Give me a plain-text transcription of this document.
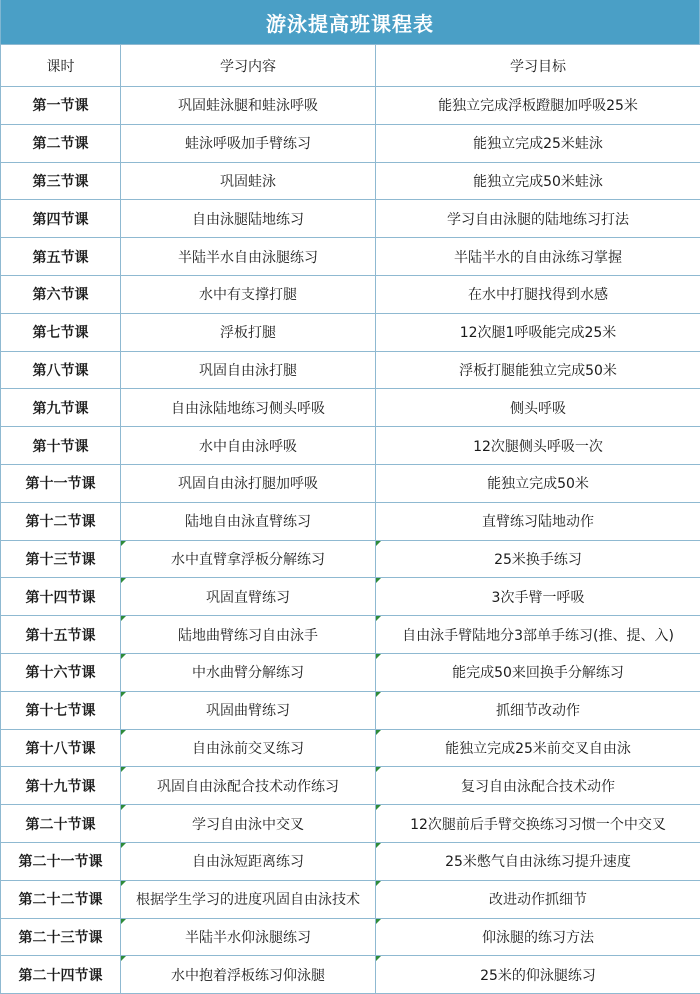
游泳提高班课程表
课时	学习内容	学习目标
第一节课	巩固蛙泳腿和蛙泳呼吸	能独立完成浮板蹬腿加呼吸25米
第二节课	蛙泳呼吸加手臂练习	能独立完成25米蛙泳
第三节课	巩固蛙泳	能独立完成50米蛙泳
第四节课	自由泳腿陆地练习	学习自由泳腿的陆地练习打法
第五节课	半陆半水自由泳腿练习	半陆半水的自由泳练习掌握
第六节课	水中有支撑打腿	在水中打腿找得到水感
第七节课	浮板打腿	12次腿1呼吸能完成25米
第八节课	巩固自由泳打腿	浮板打腿能独立完成50米
第九节课	自由泳陆地练习侧头呼吸	侧头呼吸
第十节课	水中自由泳呼吸	12次腿侧头呼吸一次
第十一节课	巩固自由泳打腿加呼吸	能独立完成50米
第十二节课	陆地自由泳直臂练习	直臂练习陆地动作
第十三节课	水中直臂拿浮板分解练习	25米换手练习
第十四节课	巩固直臂练习	3次手臂一呼吸
第十五节课	陆地曲臂练习自由泳手	自由泳手臂陆地分3部单手练习(推、提、入)
第十六节课	中水曲臂分解练习	能完成50来回换手分解练习
第十七节课	巩固曲臂练习	抓细节改动作
第十八节课	自由泳前交叉练习	能独立完成25米前交叉自由泳
第十九节课	巩固自由泳配合技术动作练习	复习自由泳配合技术动作
第二十节课	学习自由泳中交叉	12次腿前后手臂交换练习习惯一个中交叉
第二十一节课	自由泳短距离练习	25米憋气自由泳练习提升速度
第二十二节课	根据学生学习的进度巩固自由泳技术	改进动作抓细节
第二十三节课	半陆半水仰泳腿练习	仰泳腿的练习方法
第二十四节课	水中抱着浮板练习仰泳腿	25米的仰泳腿练习
